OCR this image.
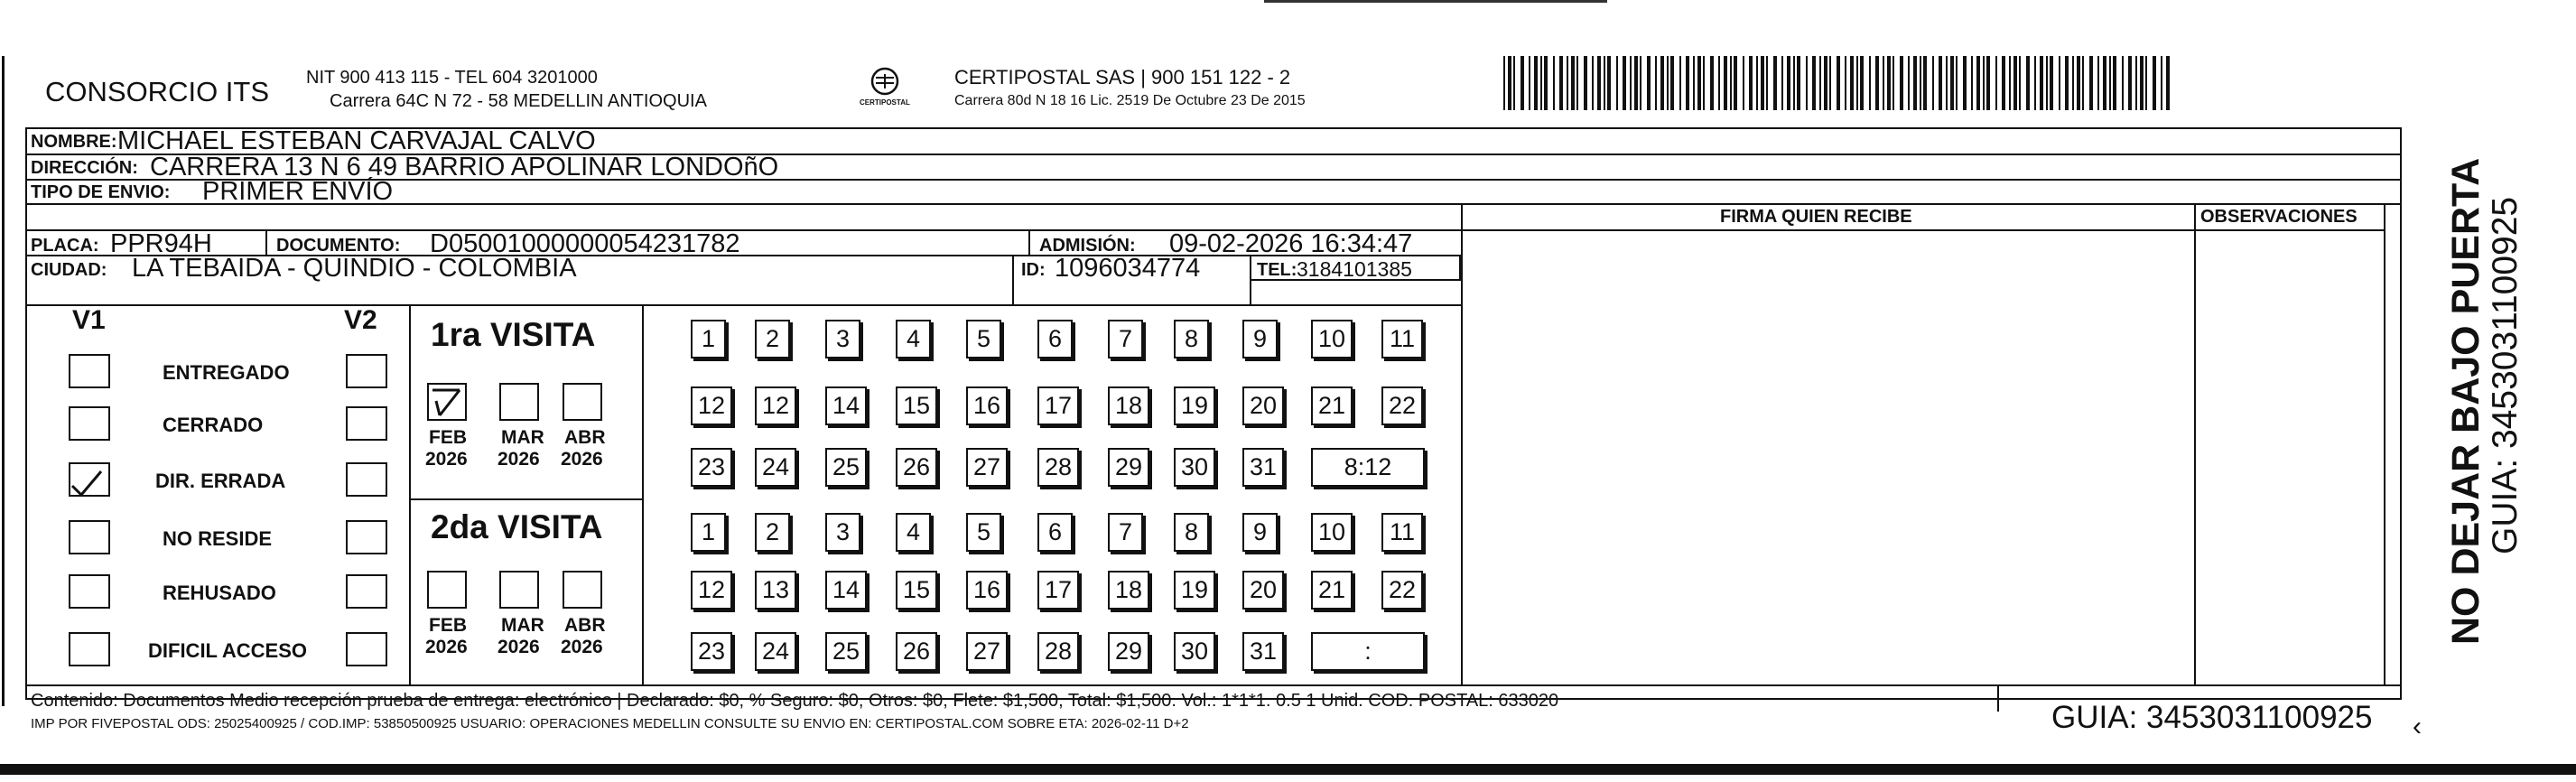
CONSORCIO ITS NIT 900 413 115 - TEL 604 3201000
Carrera 64C N 72 - 58 MEDELLIN ANTIOQUIA	CERTIPOSTAL
CERTIPOSTAL SAS | 900 151 122 - 2
Carrera 80d N 18 16 Lic. 2519 De Octubre 23 De 2015
NOMBRE: MICHAEL ESTEBAN CARVAJAL CALVO
DIRECCIÓN: CARRERA 13 N 6 49 BARRIO APOLINAR LONDOñO
TIPO DE ENVIO: PRIMER ENVÍO
FIRMA QUIEN RECIBE	OBSERVACIONES
PLACA: PPR94H	DOCUMENTO: D05001000000054231782	ADMISIÓN: 09-02-2026 16:34:47
CIUDAD: LA TEBAIDA - QUINDIO - COLOMBIA	ID: 1096034774	TEL: 3184101385
V1	V2
ENTREGADO
CERRADO
DIR. ERRADA
NO RESIDE
REHUSADO
DIFICIL ACCESO
1ra VISITA
FEB
2026
MAR
2026
ABR
2026
1	2	3	4	5	6	7	8	9	10	11
12 12 14 15 16 17 18 19 20 21 22
23 24 25 26 27 28 29 30 31	8:12
2da VISITA
FEB
2026
MAR
2026
ABR
2026
1	2	3	4	5	6	7	8	9	10	11
12 13 14 15 16 17 18 19 20 21 22
23 24 25 26 27 28 29 30 31	:
Contenido: Documentos Medio recepción prueba de entrega: electrónico | Declarado: $0, % Seguro: $0, Otros: $0, Flete: $1,500, Total: $1,500. Vol.: 1*1*1. 0.5 1 Unid. COD. POSTAL: 633020
IMP POR FIVEPOSTAL ODS: 25025400925 / COD.IMP: 53850500925 USUARIO: OPERACIONES MEDELLIN CONSULTE SU ENVIO EN: CERTIPOSTAL.COM SOBRE ETA: 2026-02-11 D+2	GUIA: 3453031100925
NO DEJAR BAJO PUERTA
GUIA: 3453031100925
‹
